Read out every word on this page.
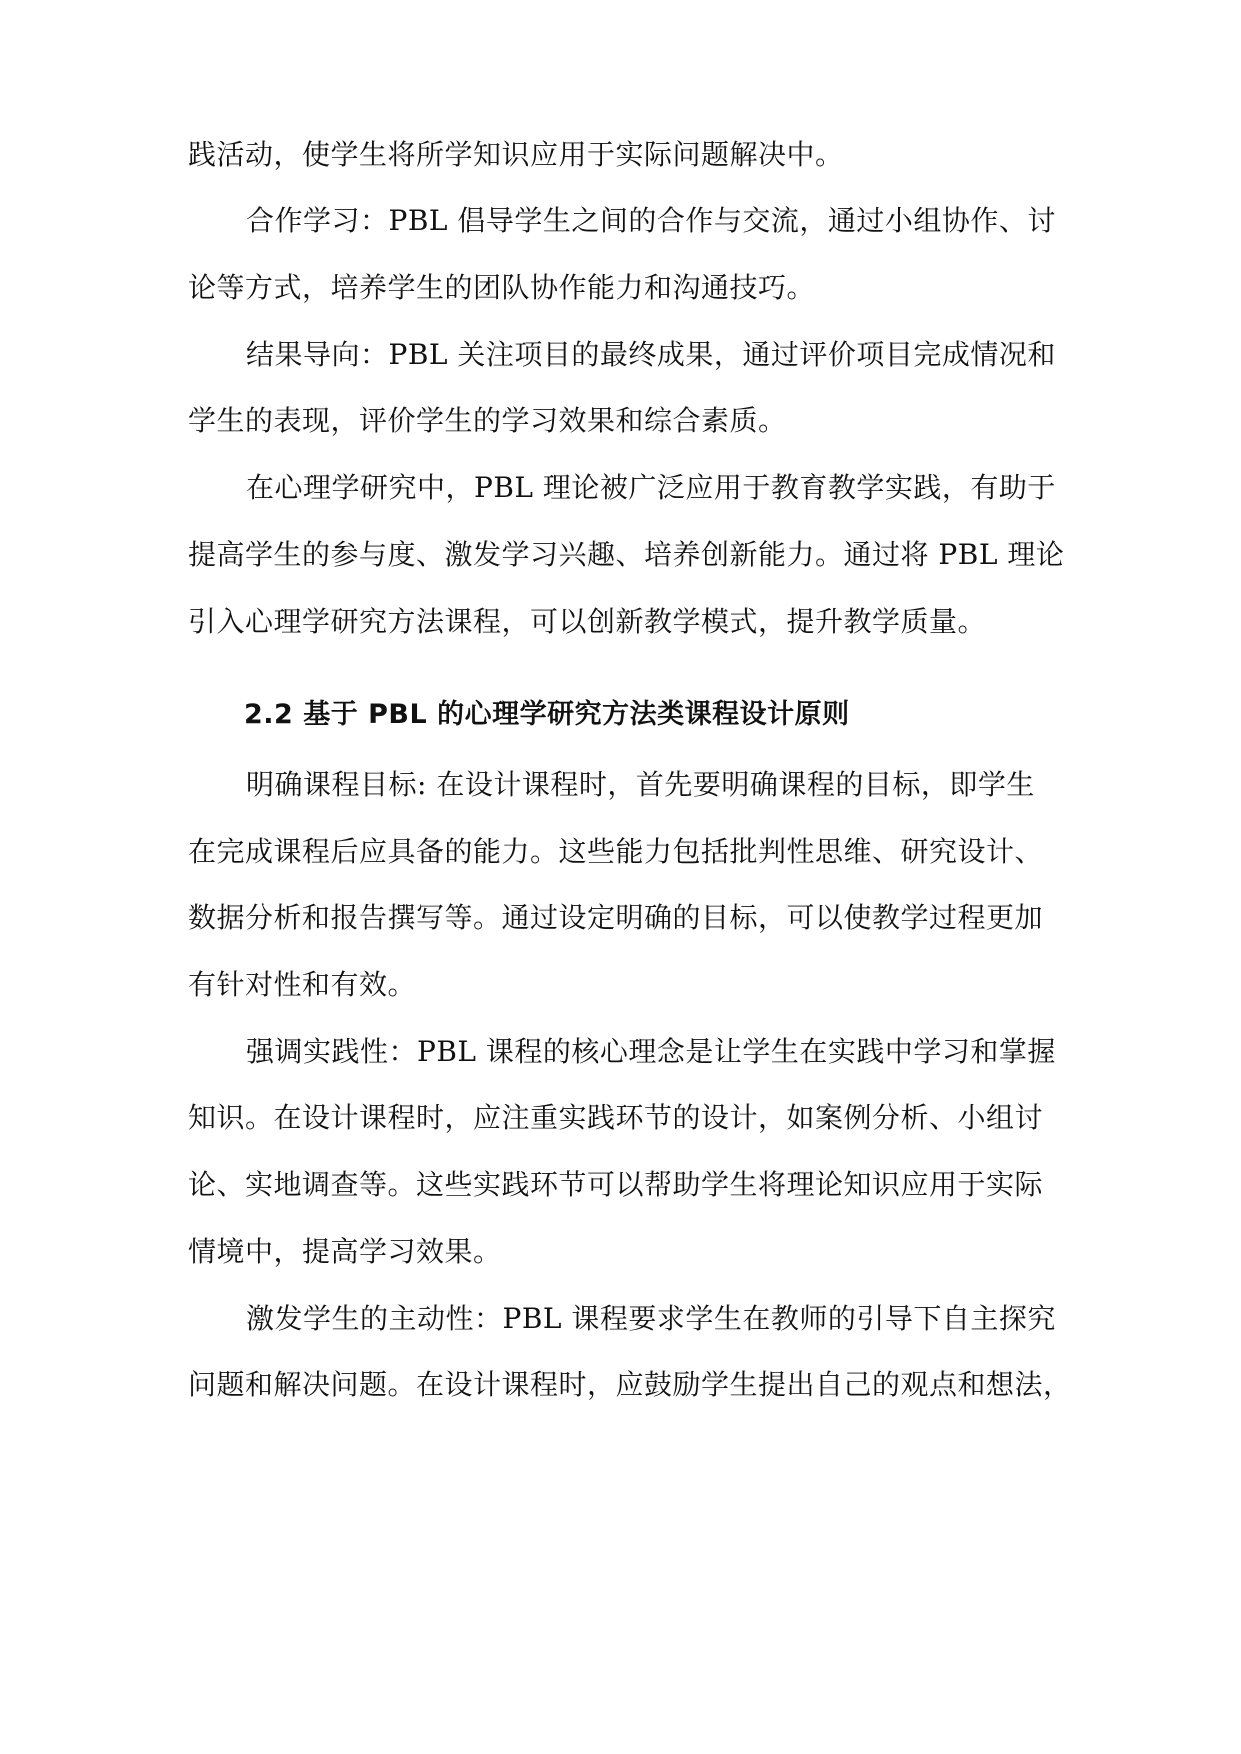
践活动，使学生将所学知识应用于实际问题解决中。
合作学习：PBL 倡导学生之间的合作与交流，通过小组协作、讨
论等方式，培养学生的团队协作能力和沟通技巧。
结果导向：PBL 关注项目的最终成果，通过评价项目完成情况和
学生的表现，评价学生的学习效果和综合素质。
在心理学研究中，PBL 理论被广泛应用于教育教学实践，有助于
提高学生的参与度、激发学习兴趣、培养创新能力。通过将 PBL 理论
引入心理学研究方法课程，可以创新教学模式，提升教学质量。
2.2 基于 PBL 的心理学研究方法类课程设计原则
明确课程目标: 在设计课程时，首先要明确课程的目标，即学生
在完成课程后应具备的能力。这些能力包括批判性思维、研究设计、
数据分析和报告撰写等。通过设定明确的目标，可以使教学过程更加
有针对性和有效。
强调实践性：PBL 课程的核心理念是让学生在实践中学习和掌握
知识。在设计课程时，应注重实践环节的设计，如案例分析、小组讨
论、实地调查等。这些实践环节可以帮助学生将理论知识应用于实际
情境中，提高学习效果。
激发学生的主动性：PBL 课程要求学生在教师的引导下自主探究
问题和解决问题。在设计课程时，应鼓励学生提出自己的观点和想法，
